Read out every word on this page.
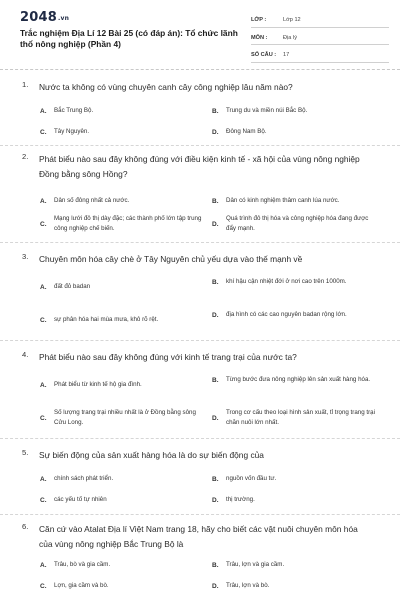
2048.vn
Trắc nghiệm Địa Lí 12 Bài 25 (có đáp án): Tổ chức lãnh thổ nông nghiệp (Phần 4)
LỚP :	Lớp 12
MÔN :	Địa lý
SỐ CÂU :	17
1.	Nước ta không có vùng chuyên canh cây công nghiệp lâu năm nào?
A.	Bắc Trung Bộ.	B.	Trung du và miền núi Bắc Bộ.
C.	Tây Nguyên.	D.	Đông Nam Bộ.
2.	Phát biểu nào sau đây không đúng với điều kiện kinh tế - xã hội của vùng nông nghiệp Đồng bằng sông Hồng?
A.	Dân số đông nhất cả nước.	B.	Dân có kinh nghiệm thâm canh lúa nước.
C.
Mạng lưới đô thị dày đặc; các thành phố lớn tập trung công nghiệp chế biến.
D.
Quá trình đô thị hóa và công nghiệp hóa đang được đẩy mạnh.
3.	Chuyên môn hóa cây chè ở Tây Nguyên chủ yếu dựa vào thế mạnh về
A.	đất đỏ badan
B.	khí hậu cận nhiệt đới ở nơi cao trên 1000m.
C.	sự phân hóa hai mùa mưa, khô rõ rệt.
D.	địa hình có các cao nguyên badan rộng lớn.
4.	Phát biểu nào sau đây không đúng với kinh tế trang trại của nước ta?
A.	Phát biểu từ kinh tế hộ gia đình.
B.	Từng bước đưa nông nghiệp lên sản xuất hàng hóa.
C.
Số lượng trang trại nhiều nhất là ở Đồng bằng sông Cửu Long.
D.
Trong cơ cấu theo loại hình sản xuất, tỉ trọng trang trại chăn nuôi lớn nhất.
5.	Sự biến động của sản xuất hàng hóa là do sự biến động của
A.	chính sách phát triển.	B.	nguồn vốn đầu tư.
C.	các yếu tố tự nhiên	D.	thị trường.
6.	Căn cứ vào Atalat Địa lí Việt Nam trang 18, hãy cho biết các vật nuôi chuyên môn hóa của vùng nông nghiệp Bắc Trung Bộ là
A.	Trâu, bò và gia cầm.	B.	Trâu, lợn và gia cầm.
C.	Lợn, gia cầm và bò.	D.	Trâu, lợn và bò.
